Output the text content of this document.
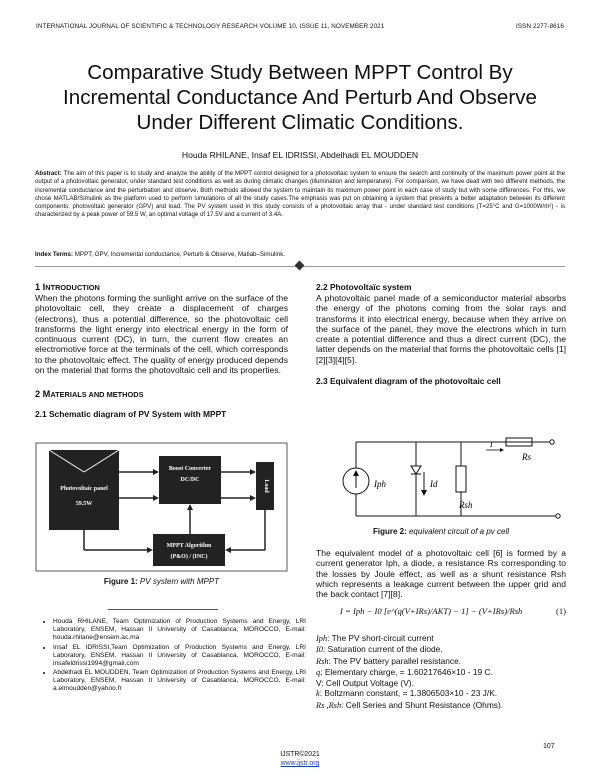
INTERNATIONAL JOURNAL OF SCIENTIFIC & TECHNOLOGY RESEARCH VOLUME 10, ISSUE 11, NOVEMBER 2021	ISSN 2277-8616
Comparative Study Between MPPT Control By Incremental Conductance And Perturb And Observe Under Different Climatic Conditions.
Houda RHILANE, Insaf EL IDRISSI, Abdelhadi EL MOUDDEN
Abstract: The aim of this paper is to study and analyze the ability of the MPPT control designed for a photovoltaic system to ensure the search and continuity of the maximum power point at the output of a photovoltaic generator, under standard test conditions as well as during climatic changes (illumination and temperature). For comparison, we have dealt with two different methods, the incremental conductance and the perturbation and observe. Both methods allowed the system to maintain its maximum power point in each case of study but with some differences. For this, we chose MATLAB/Simulink as the platform used to perform simulations of all the study cases.The emphasis was put on obtaining a system that presents a better adaptation between its different components: photovoltaic generator (GPV) and load. The PV system used in this study consists of a photovoltaic array that - under standard test conditions (T=25°C and G=1000W/m²) - is characterized by a peak power of 59.5 W, an optimal voltage of 17.5V and a current of 3.4A.
Index Terms: MPPT, GPV, Incremental conductance, Perturb & Observe, Matlab–Simulink.
1 INTRODUCTION
When the photons forming the sunlight arrive on the surface of the photovoltaic cell, they create a displacement of charges (electrons), thus a potential difference, so the photovoltaic cell transforms the light energy into electrical energy in the form of continuous current (DC), in turn, the current flow creates an electromotive force at the terminals of the cell, which corresponds to the photovoltaic effect. The quality of energy produced depends on the material that forms the photovoltaic cell and its properties.
2 MATERIALS AND METHODS
2.1 Schematic diagram of PV System with MPPT
Photovoltaic panel
59.5W
Boost Converter
DC/DC	Load
MPPT Algorithm
(P&O) / (INC)
Figure 1: PV system with MPPT
• Houda RHILANE, Team Optimization of Production Systems and Energy, LRI Laboratory, ENSEM, Hassan II University of Casablanca, MOROCCO, E-mail: houda.rhilane@ensem.ac.ma
• Insaf EL IDRISSI,Team Optimization of Production Systems and Energy, LRI Laboratory, ENSEM, Hassan II University of Casablanca, MOROCCO, E-mail: insafeldrissi1994@gmail.com
• Abdelhadi EL MOUDDEN, Team Optimization of Production Systems and Energy, LRI Laboratory, ENSEM, Hassan II University of Casablanca, MOROCCO, E-mail: a.elmoudden@yahoo.fr
2.2 Photovoltaïc system
A photovoltaic panel made of a semiconductor material absorbs the energy of the photons coming from the solar rays and transforms it into electrical energy, because when they arrive on the surface of the panel, they move the electrons which in turn create a potential difference and thus a direct current (DC), the latter depends on the material that forms the photovoltaic cells [1][2][3][4][5].
2.3 Equivalent diagram of the photovoltaic cell
Iph	Id
Rsh
Rs
I
Figure 2: equivalent circuit of a pv cell
The equivalent model of a photovoltaic cell [6] is formed by a current generator Iph, a diode, a resistance Rs corresponding to the losses by Joule effect, as well as a shunt resistance Rsh which represents a leakage current between the upper grid and the back contact [7][8].
I = Iph − I0 [e^(q(V+IRs)/AKT) − 1] − (V+IRs)/Rsh	(1)
Iph: The PV short-circuit current
I0: Saturation current of the diode.
Rsh: The PV battery parallel resistance.
q: Elementary charge, = 1.60217646×10 - 19 C.
V: Cell Output Voltage (V).
k: Boltzmann constant, = 1.3806503×10 - 23 J/K.
Rs ,Rsh: Cell Series and Shunt Resistance (Ohms).
107
IJSTR©2021
www.ijstr.org
